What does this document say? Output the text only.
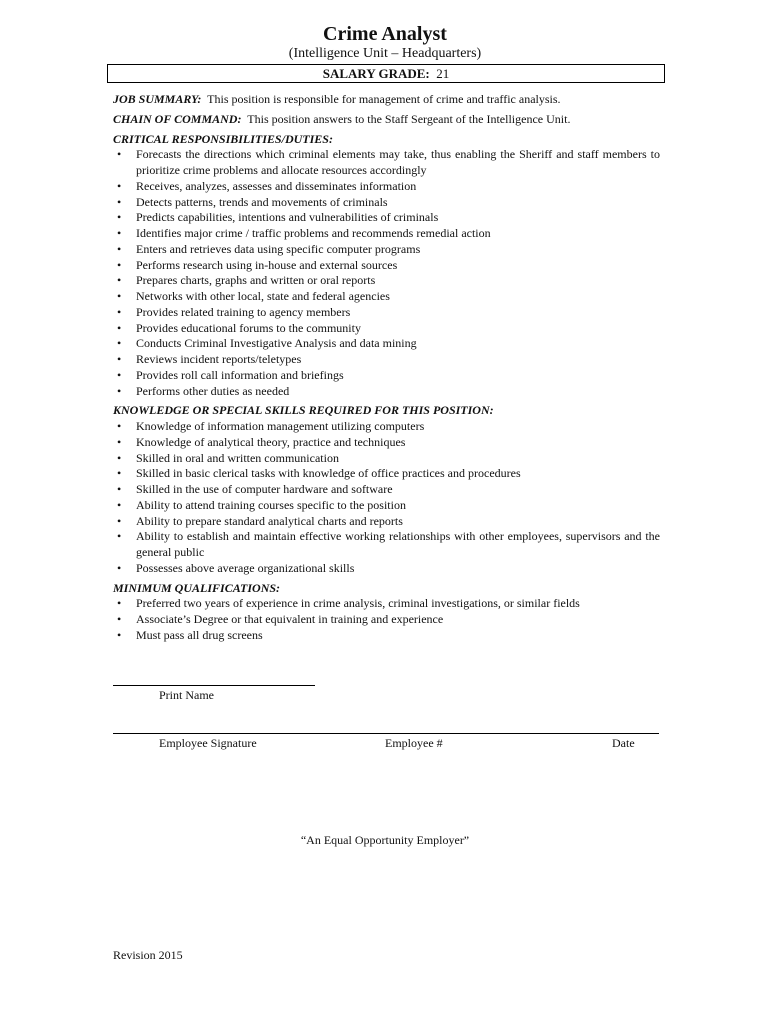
Crime Analyst
(Intelligence Unit – Headquarters)
SALARY GRADE: 21

JOB SUMMARY: This position is responsible for management of crime and traffic analysis.

CHAIN OF COMMAND: This position answers to the Staff Sergeant of the Intelligence Unit.

CRITICAL RESPONSIBILITIES/DUTIES:

• Forecasts the directions which criminal elements may take, thus enabling the Sheriff and staff members to prioritize crime problems and allocate resources accordingly
• Receives, analyzes, assesses and disseminates information
• Detects patterns, trends and movements of criminals
• Predicts capabilities, intentions and vulnerabilities of criminals
• Identifies major crime / traffic problems and recommends remedial action
• Enters and retrieves data using specific computer programs
• Performs research using in-house and external sources
• Prepares charts, graphs and written or oral reports
• Networks with other local, state and federal agencies
• Provides related training to agency members
• Provides educational forums to the community
• Conducts Criminal Investigative Analysis and data mining
• Reviews incident reports/teletypes
• Provides roll call information and briefings
• Performs other duties as needed

KNOWLEDGE OR SPECIAL SKILLS REQUIRED FOR THIS POSITION:

• Knowledge of information management utilizing computers
• Knowledge of analytical theory, practice and techniques
• Skilled in oral and written communication
• Skilled in basic clerical tasks with knowledge of office practices and procedures
• Skilled in the use of computer hardware and software
• Ability to attend training courses specific to the position
• Ability to prepare standard analytical charts and reports
• Ability to establish and maintain effective working relationships with other employees, supervisors and the general public
• Possesses above average organizational skills

MINIMUM QUALIFICATIONS:

• Preferred two years of experience in crime analysis, criminal investigations, or similar fields
• Associate’s Degree or that equivalent in training and experience
• Must pass all drug screens
Print Name
Employee Signature	Employee #	Date
“An Equal Opportunity Employer”
Revision 2015
